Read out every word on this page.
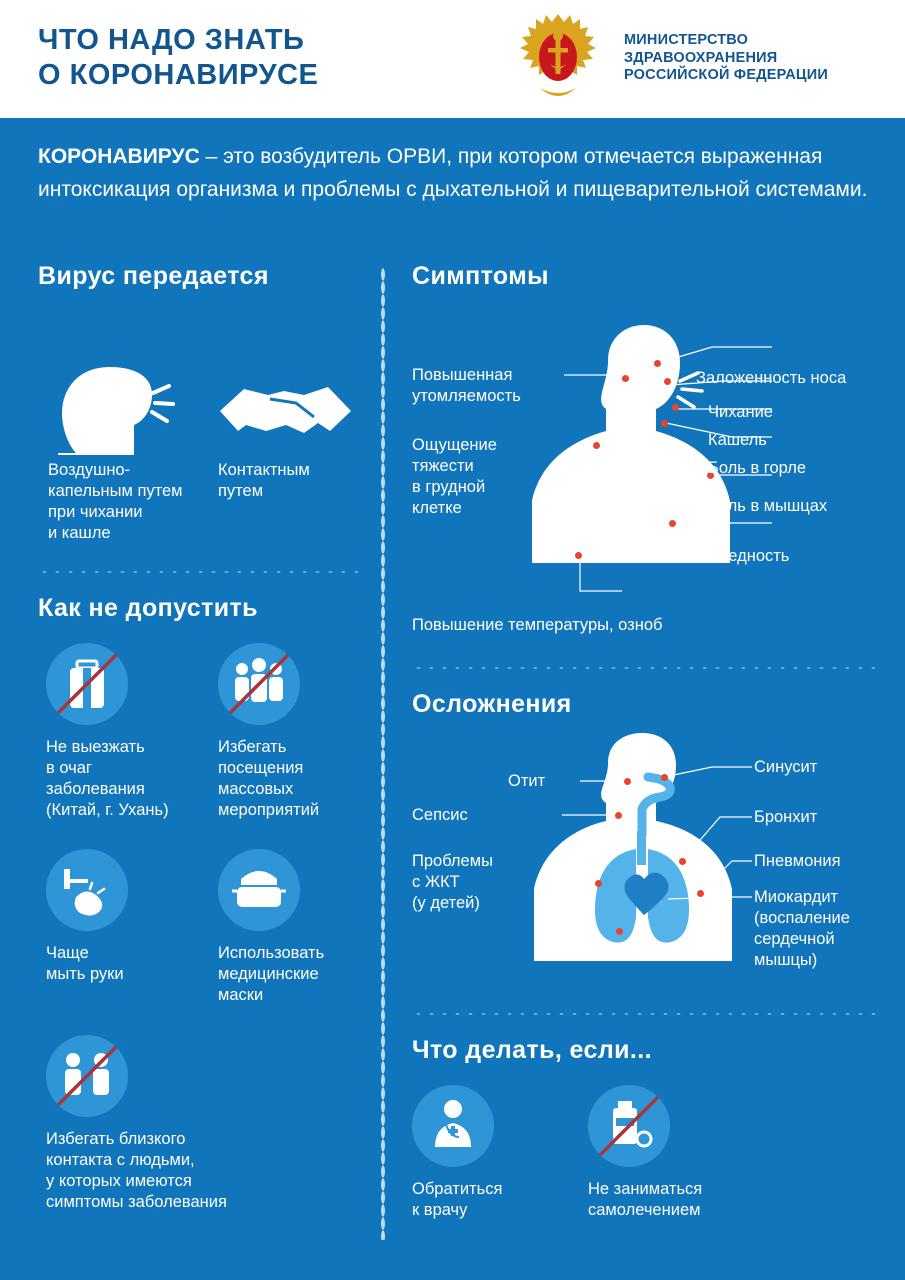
ЧТО НАДО ЗНАТЬ
О КОРОНАВИРУСЕ
МИНИСТЕРСТВО
ЗДРАВООХРАНЕНИЯ
РОССИЙСКОЙ ФЕДЕРАЦИИ
КОРОНАВИРУС – это возбудитель ОРВИ, при котором отмечается выраженная интоксикация организма и проблемы с дыхательной и пищеварительной системами.
Вирус передается
Воздушно-
капельным путем
при чихании
и кашле
Контактным
путем
Как не допустить
Не выезжать
в очаг
заболевания
(Китай, г. Ухань)
Избегать
посещения
массовых
мероприятий
Чаще
мыть руки
Использовать
медицинские
маски
Избегать близкого
контакта с людьми,
у которых имеются
симптомы заболевания
Симптомы
Повышенная
утомляемость
Ощущение
тяжести
в грудной
клетке
Заложенность носа
Чихание
Кашель
Боль в горле
Боль в мышцах
Бледность
Повышение температуры, озноб
Осложнения
Отит
Сепсис
Проблемы
с ЖКТ
(у детей)
Синусит
Бронхит
Пневмония
Миокардит
(воспаление
сердечной
мышцы)
Что делать, если...
Обратиться
к врачу
Не заниматься
самолечением
